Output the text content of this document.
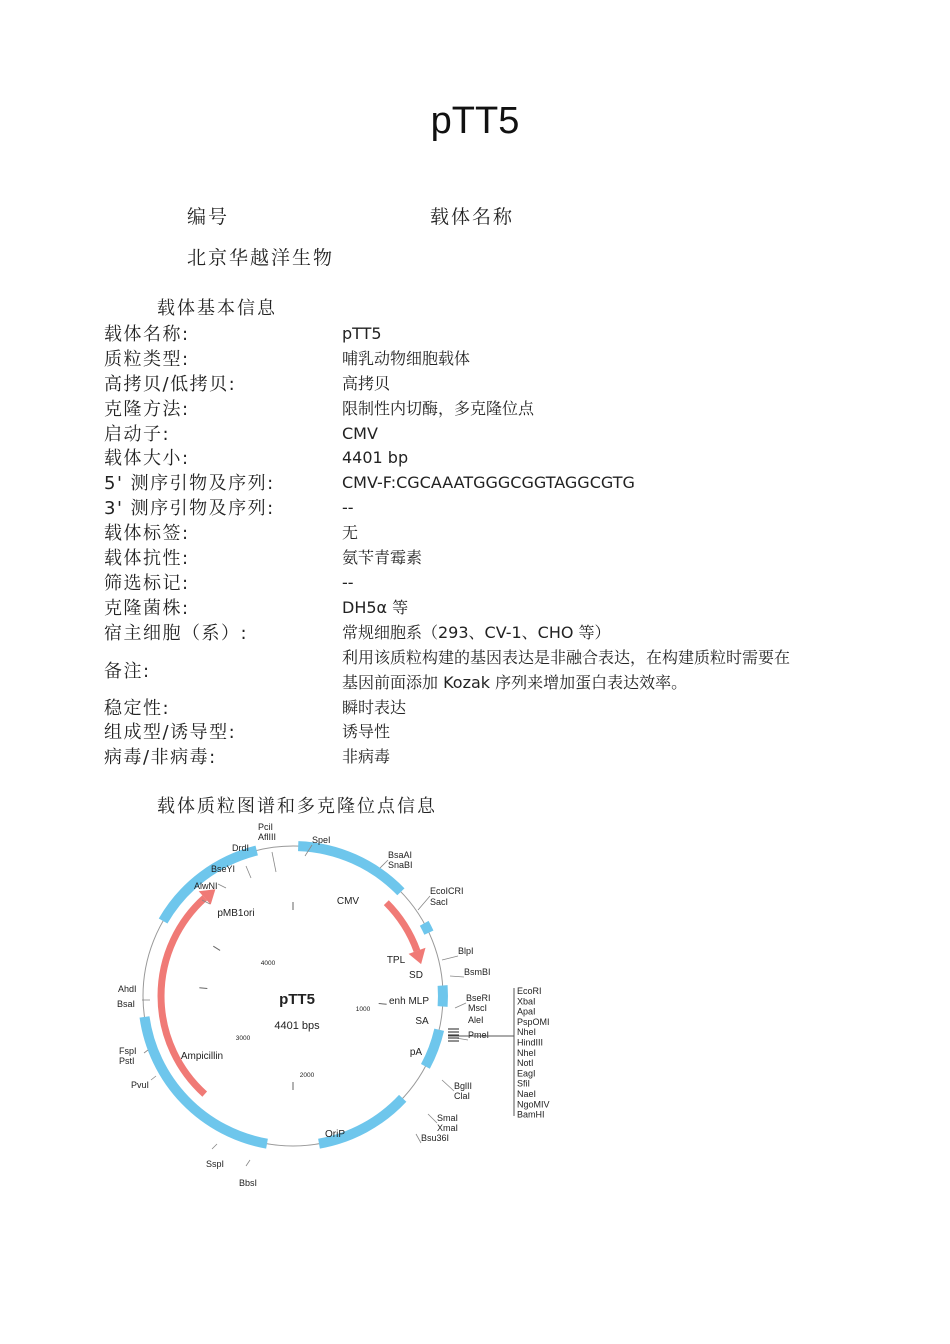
pTT5
编号	载体名称
北京华越洋生物
载体基本信息
载体名称:	pTT5
质粒类型:	哺乳动物细胞载体
高拷贝/低拷贝:	高拷贝
克隆方法:	限制性内切酶，多克隆位点
启动子:	CMV
载体大小:	4401 bp
5' 测序引物及序列:	CMV-F:CGCAAATGGGCGGTAGGCGTG
3' 测序引物及序列:	--
载体标签:	无
载体抗性:	氨苄青霉素
筛选标记:	--
克隆菌株:	DH5α 等
宿主细胞（系）:	常规细胞系（293、CV-1、CHO 等）
备注:
利用该质粒构建的基因表达是非融合表达，在构建质粒时需要在
基因前面添加 Kozak 序列来增加蛋白表达效率。
稳定性:	瞬时表达
组成型/诱导型:	诱导性
病毒/非病毒:	非病毒
载体质粒图谱和多克隆位点信息
pTT5
4401 bps
CMV
pMB1ori
TPL
SD
enh MLP
SA
pA
Ampicillin
OriP
1000
2000
3000
4000
PciI
AflIII
DrdI
BseYI
AlwNI
AhdI
BsaI
FspI
PstI
PvuI
SspI
BbsI
SpeI
BsaAI
SnaBI
EcoICRI
SacI
BlpI
BsmBI
BseRI
MscI
AleI
PmeI
BglII
ClaI
SmaI
XmaI
Bsu36I
EcoRI
XbaI
ApaI
PspOMI
NheI
HindIII
NheI
NotI
EagI
SfiI
NaeI
NgoMIV
BamHI
